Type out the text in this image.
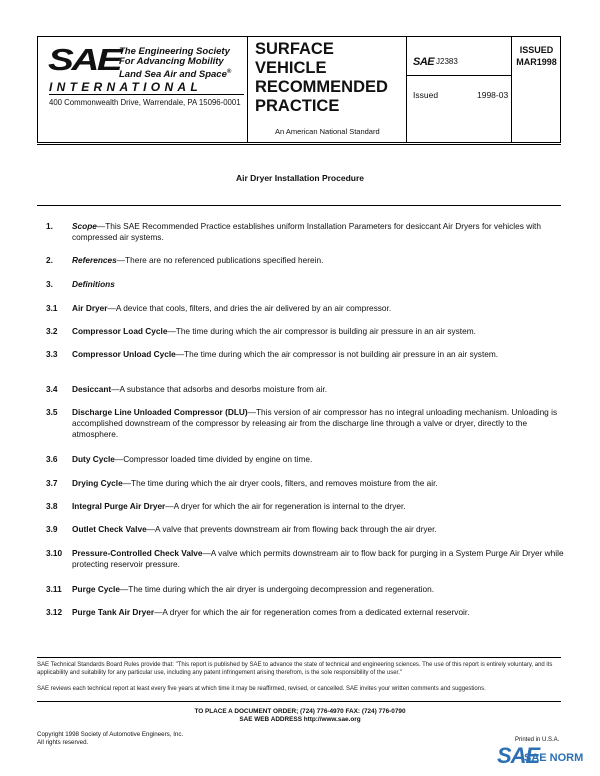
SAE
The Engineering Society
For Advancing Mobility
Land Sea Air and Space®
INTERNATIONAL
400 Commonwealth Drive, Warrendale, PA 15096-0001
SURFACE
VEHICLE
RECOMMENDED
PRACTICE
An American National Standard
SAE J2383
Issued	1998-03
ISSUED
MAR1998
Air Dryer Installation Procedure
1. Scope—This SAE Recommended Practice establishes uniform Installation Parameters for desiccant Air Dryers for vehicles with compressed air systems.
2. References—There are no referenced publications specified herein.
3. Definitions
3.1 Air Dryer—A device that cools, filters, and dries the air delivered by an air compressor.
3.2 Compressor Load Cycle—The time during which the air compressor is building air pressure in an air system.
3.3 Compressor Unload Cycle—The time during which the air compressor is not building air pressure in an air system.
3.4 Desiccant—A substance that adsorbs and desorbs moisture from air.
3.5 Discharge Line Unloaded Compressor (DLU)—This version of air compressor has no integral unloading mechanism. Unloading is accomplished downstream of the compressor by releasing air from the discharge line through a valve or dryer, directly to the atmosphere.
3.6 Duty Cycle—Compressor loaded time divided by engine on time.
3.7 Drying Cycle—The time during which the air dryer cools, filters, and removes moisture from the air.
3.8 Integral Purge Air Dryer—A dryer for which the air for regeneration is internal to the dryer.
3.9 Outlet Check Valve—A valve that prevents downstream air from flowing back through the air dryer.
3.10 Pressure-Controlled Check Valve—A valve which permits downstream air to flow back for purging in a System Purge Air Dryer while protecting reservoir pressure.
3.11 Purge Cycle—The time during which the air dryer is undergoing decompression and regeneration.
3.12 Purge Tank Air Dryer—A dryer for which the air for regeneration comes from a dedicated external reservoir.
SAE Technical Standards Board Rules provide that: "This report is published by SAE to advance the state of technical and engineering sciences. The use of this report is entirely voluntary, and its applicability and suitability for any particular use, including any patent infringement arising therefrom, is the sole responsibility of the user."
SAE reviews each technical report at least every five years at which time it may be reaffirmed, revised, or cancelled. SAE invites your written comments and suggestions.
TO PLACE A DOCUMENT ORDER; (724) 776-4970 FAX: (724) 776-0790
SAE WEB ADDRESS http://www.sae.org
Copyright 1998 Society of Automotive Engineers, Inc.
All rights reserved.	Printed in U.S.A.
SAE
SAE NORM
